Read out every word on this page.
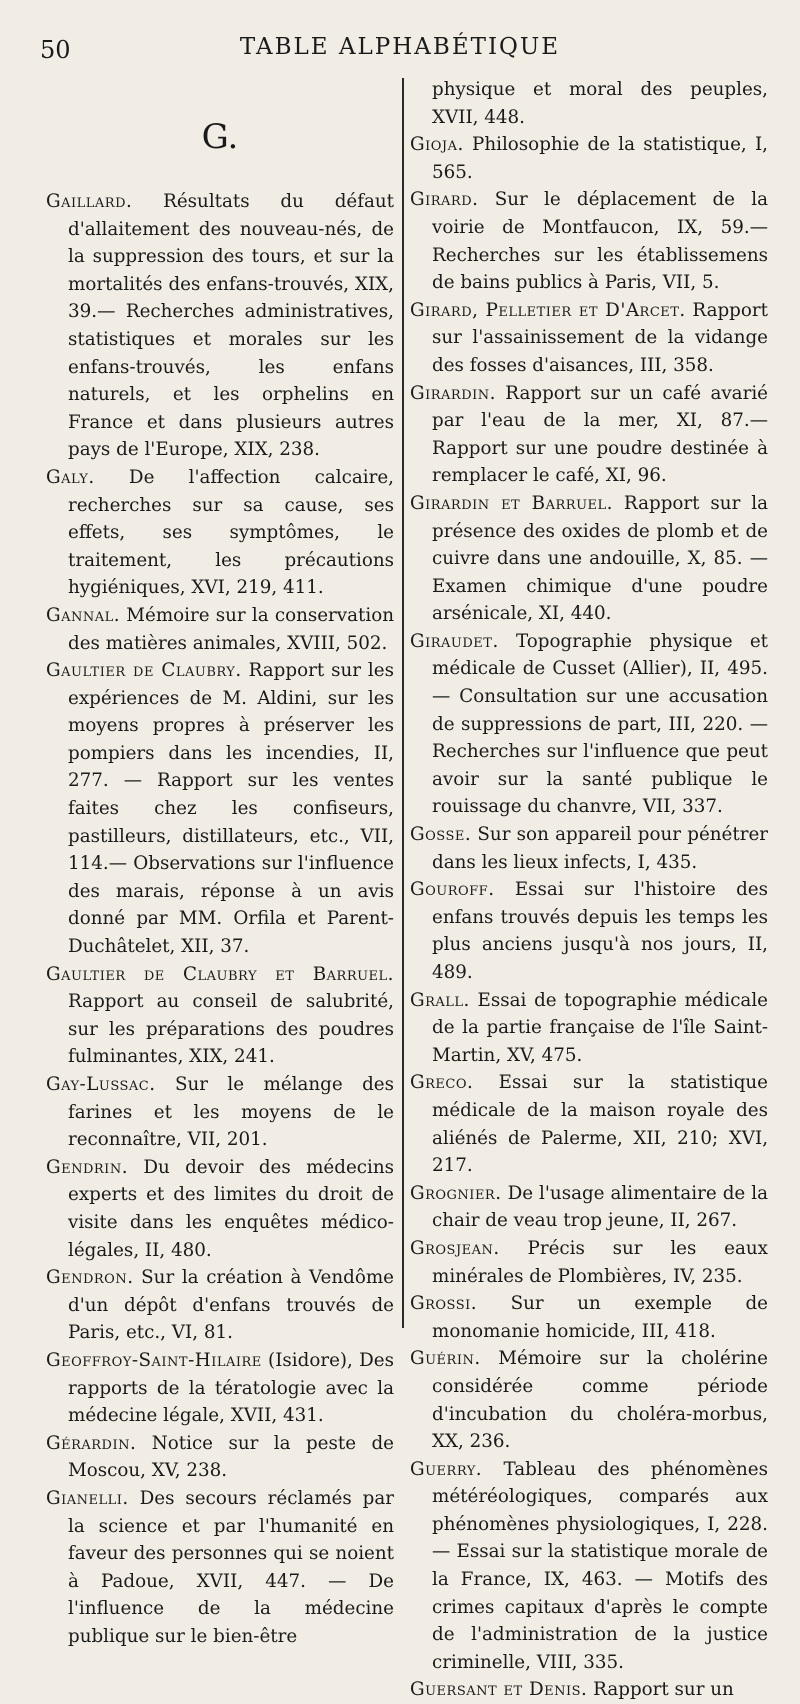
50	TABLE ALPHABÉTIQUE
G.
Gaillard. Résultats du défaut d'allaitement des nouveau-nés, de la suppression des tours, et sur la mortalités des enfans-trouvés, XIX, 39.— Recherches administratives, statistiques et morales sur les enfans-trouvés, les enfans naturels, et les orphelins en France et dans plusieurs autres pays de l'Europe, XIX, 238.
Galy. De l'affection calcaire, recherches sur sa cause, ses effets, ses symptômes, le traitement, les précautions hygiéniques, XVI, 219, 411.
Gannal. Mémoire sur la conservation des matières animales, XVIII, 502.
Gaultier de Claubry. Rapport sur les expériences de M. Aldini, sur les moyens propres à préserver les pompiers dans les incendies, II, 277. — Rapport sur les ventes faites chez les confiseurs, pastilleurs, distillateurs, etc., VII, 114.— Observations sur l'influence des marais, réponse à un avis donné par MM. Orfila et Parent-Duchâtelet, XII, 37.
Gaultier de Claubry et Barruel. Rapport au conseil de salubrité, sur les préparations des poudres fulminantes, XIX, 241.
Gay-Lussac. Sur le mélange des farines et les moyens de le reconnaître, VII, 201.
Gendrin. Du devoir des médecins experts et des limites du droit de visite dans les enquêtes médico-légales, II, 480.
Gendron. Sur la création à Vendôme d'un dépôt d'enfans trouvés de Paris, etc., VI, 81.
Geoffroy-Saint-Hilaire (Isidore), Des rapports de la tératologie avec la médecine légale, XVII, 431.
Gérardin. Notice sur la peste de Moscou, XV, 238.
Gianelli. Des secours réclamés par la science et par l'humanité en faveur des personnes qui se noient à Padoue, XVII, 447. — De l'influence de la médecine publique sur le bien-être
physique et moral des peuples, XVII, 448.
Gioja. Philosophie de la statistique, I, 565.
Girard. Sur le déplacement de la voirie de Montfaucon, IX, 59.—Recherches sur les établissemens de bains publics à Paris, VII, 5.
Girard, Pelletier et D'Arcet. Rapport sur l'assainissement de la vidange des fosses d'aisances, III, 358.
Girardin. Rapport sur un café avarié par l'eau de la mer, XI, 87.— Rapport sur une poudre destinée à remplacer le café, XI, 96.
Girardin et Barruel. Rapport sur la présence des oxides de plomb et de cuivre dans une andouille, X, 85. — Examen chimique d'une poudre arsénicale, XI, 440.
Giraudet. Topographie physique et médicale de Cusset (Allier), II, 495. — Consultation sur une accusation de suppressions de part, III, 220. —Recherches sur l'influence que peut avoir sur la santé publique le rouissage du chanvre, VII, 337.
Gosse. Sur son appareil pour pénétrer dans les lieux infects, I, 435.
Gouroff. Essai sur l'histoire des enfans trouvés depuis les temps les plus anciens jusqu'à nos jours, II, 489.
Grall. Essai de topographie médicale de la partie française de l'île Saint-Martin, XV, 475.
Greco. Essai sur la statistique médicale de la maison royale des aliénés de Palerme, XII, 210; XVI, 217.
Grognier. De l'usage alimentaire de la chair de veau trop jeune, II, 267.
Grosjean. Précis sur les eaux minérales de Plombières, IV, 235.
Grossi. Sur un exemple de monomanie homicide, III, 418.
Guérin. Mémoire sur la cholérine considérée comme période d'incubation du choléra-morbus, XX, 236.
Guerry. Tableau des phénomènes météréologiques, comparés aux phénomènes physiologiques, I, 228. — Essai sur la statistique morale de la France, IX, 463. — Motifs des crimes capitaux d'après le compte de l'administration de la justice criminelle, VIII, 335.
Guersant et Denis. Rapport sur un
